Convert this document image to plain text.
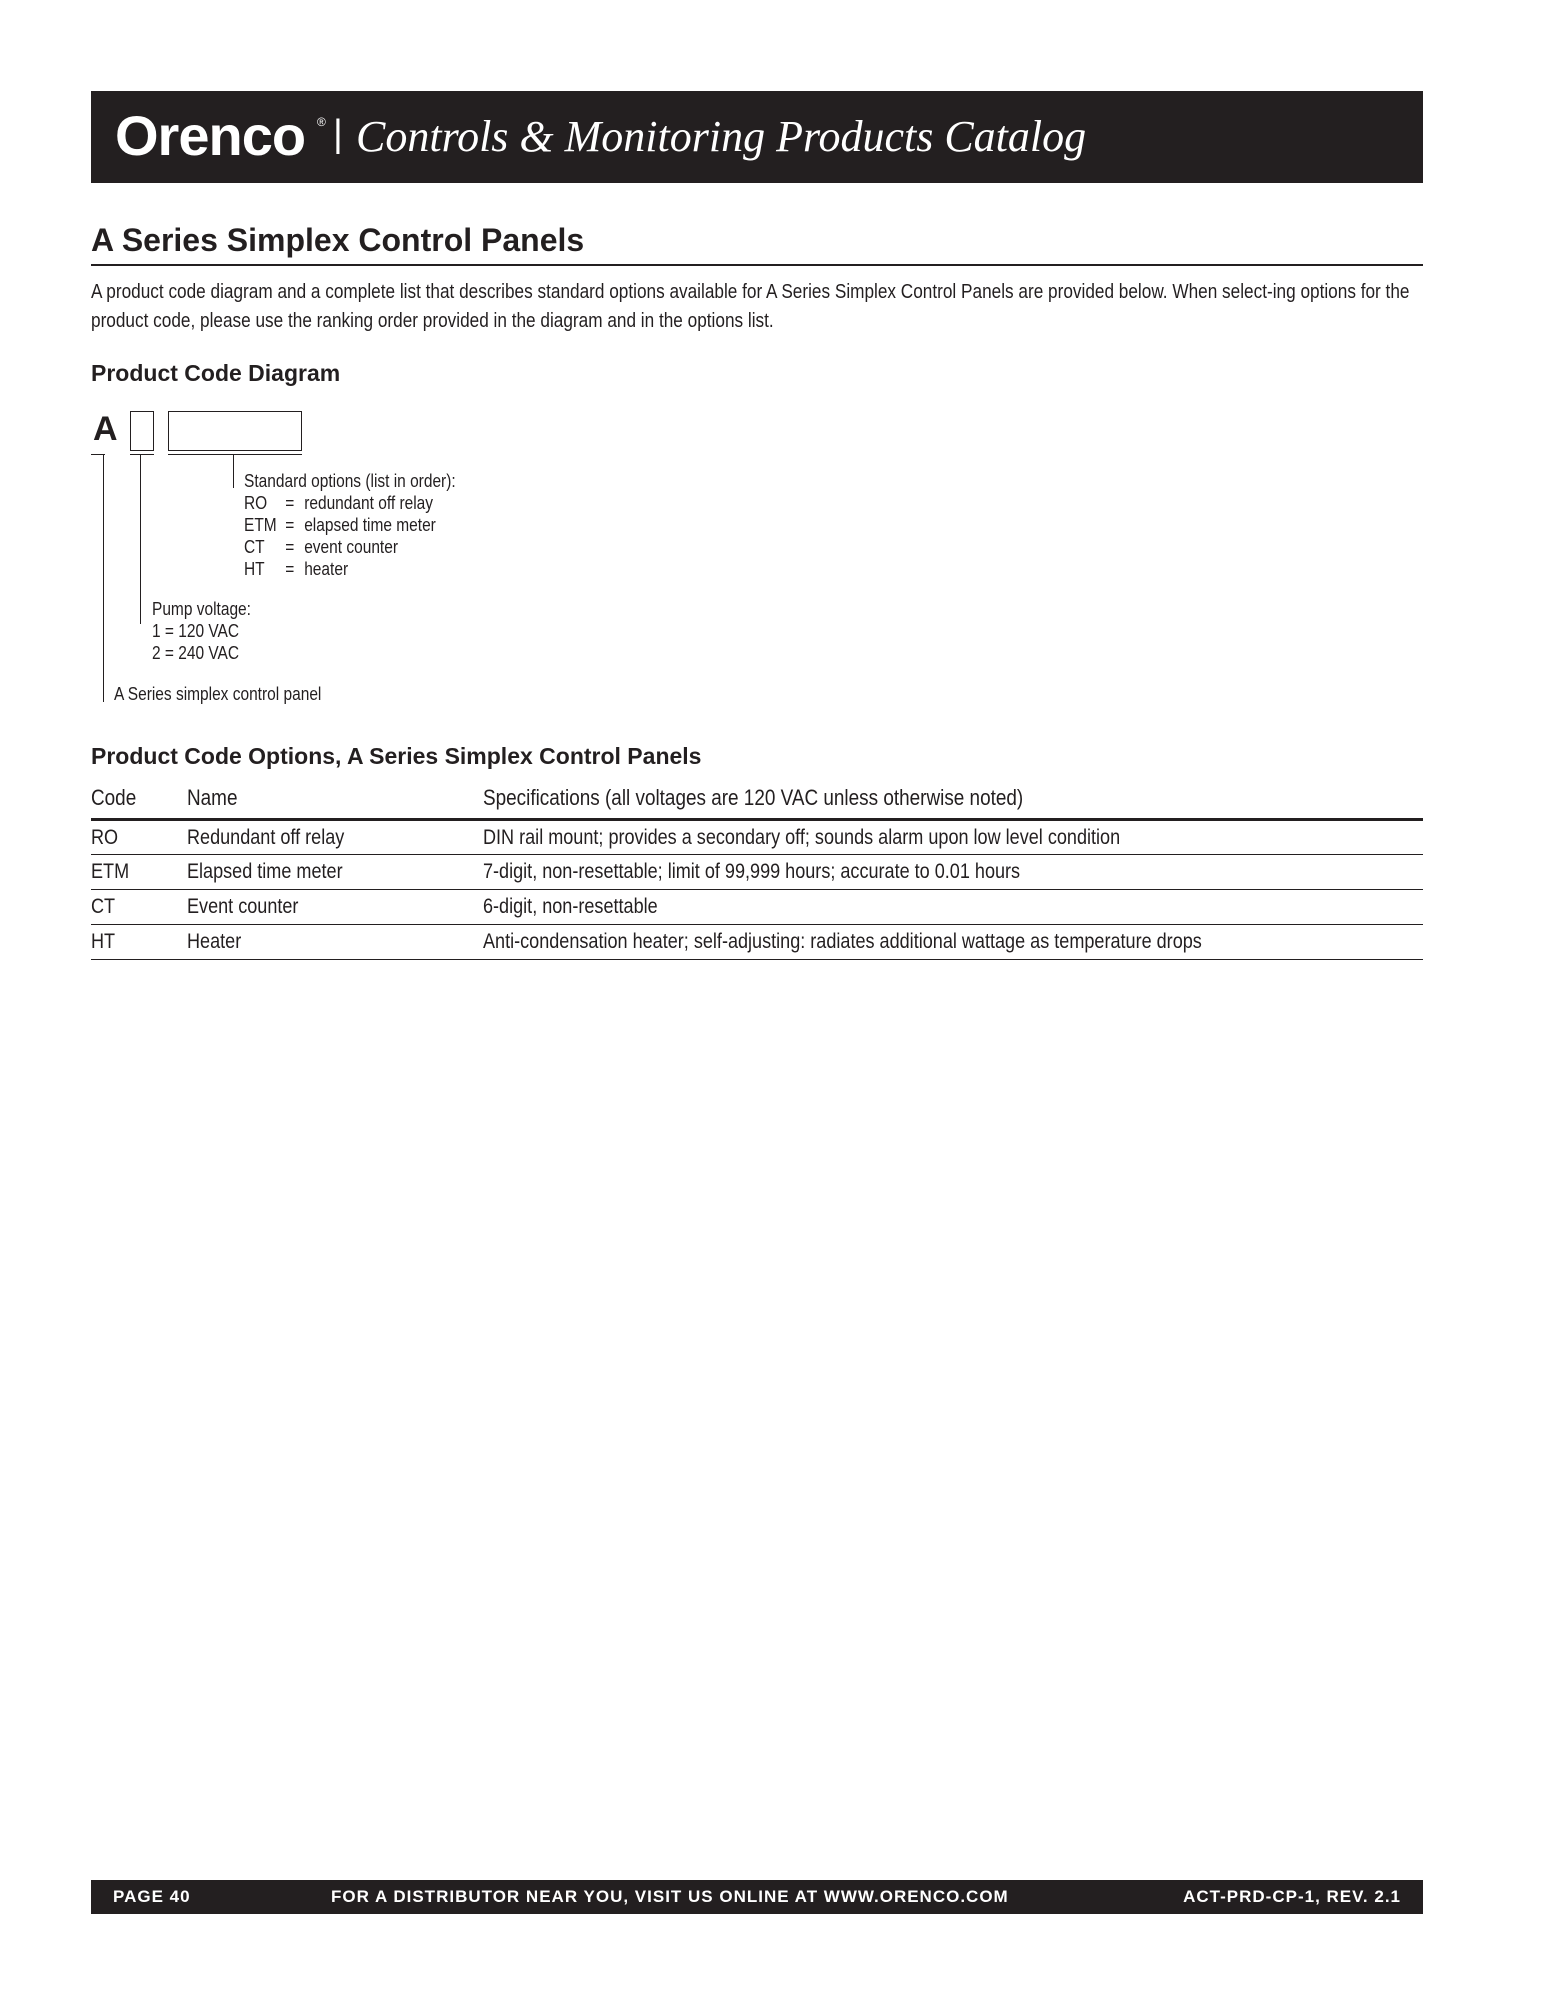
Orenco ® | Controls & Monitoring Products Catalog
A Series Simplex Control Panels
A product code diagram and a complete list that describes standard options available for A Series Simplex Control Panels are provided below. When select-ing options for the product code, please use the ranking order provided in the diagram and in the options list.
Product Code Diagram
A
Standard options (list in order):
RO = redundant off relay
ETM = elapsed time meter
CT = event counter
HT = heater
Pump voltage:
1 = 120 VAC
2 = 240 VAC
A Series simplex control panel
Product Code Options, A Series Simplex Control Panels
Code Name	Specifications (all voltages are 120 VAC unless otherwise noted)
RO	Redundant off relay	DIN rail mount; provides a secondary off; sounds alarm upon low level condition
ETM	Elapsed time meter	7-digit, non-resettable; limit of 99,999 hours; accurate to 0.01 hours
CT	Event counter	6-digit, non-resettable
HT	Heater	Anti-condensation heater; self-adjusting: radiates additional wattage as temperature drops
PAGE 40	FOR A DISTRIBUTOR NEAR YOU, VISIT US ONLINE AT WWW.ORENCO.COM	ACT-PRD-CP-1, REV. 2.1
